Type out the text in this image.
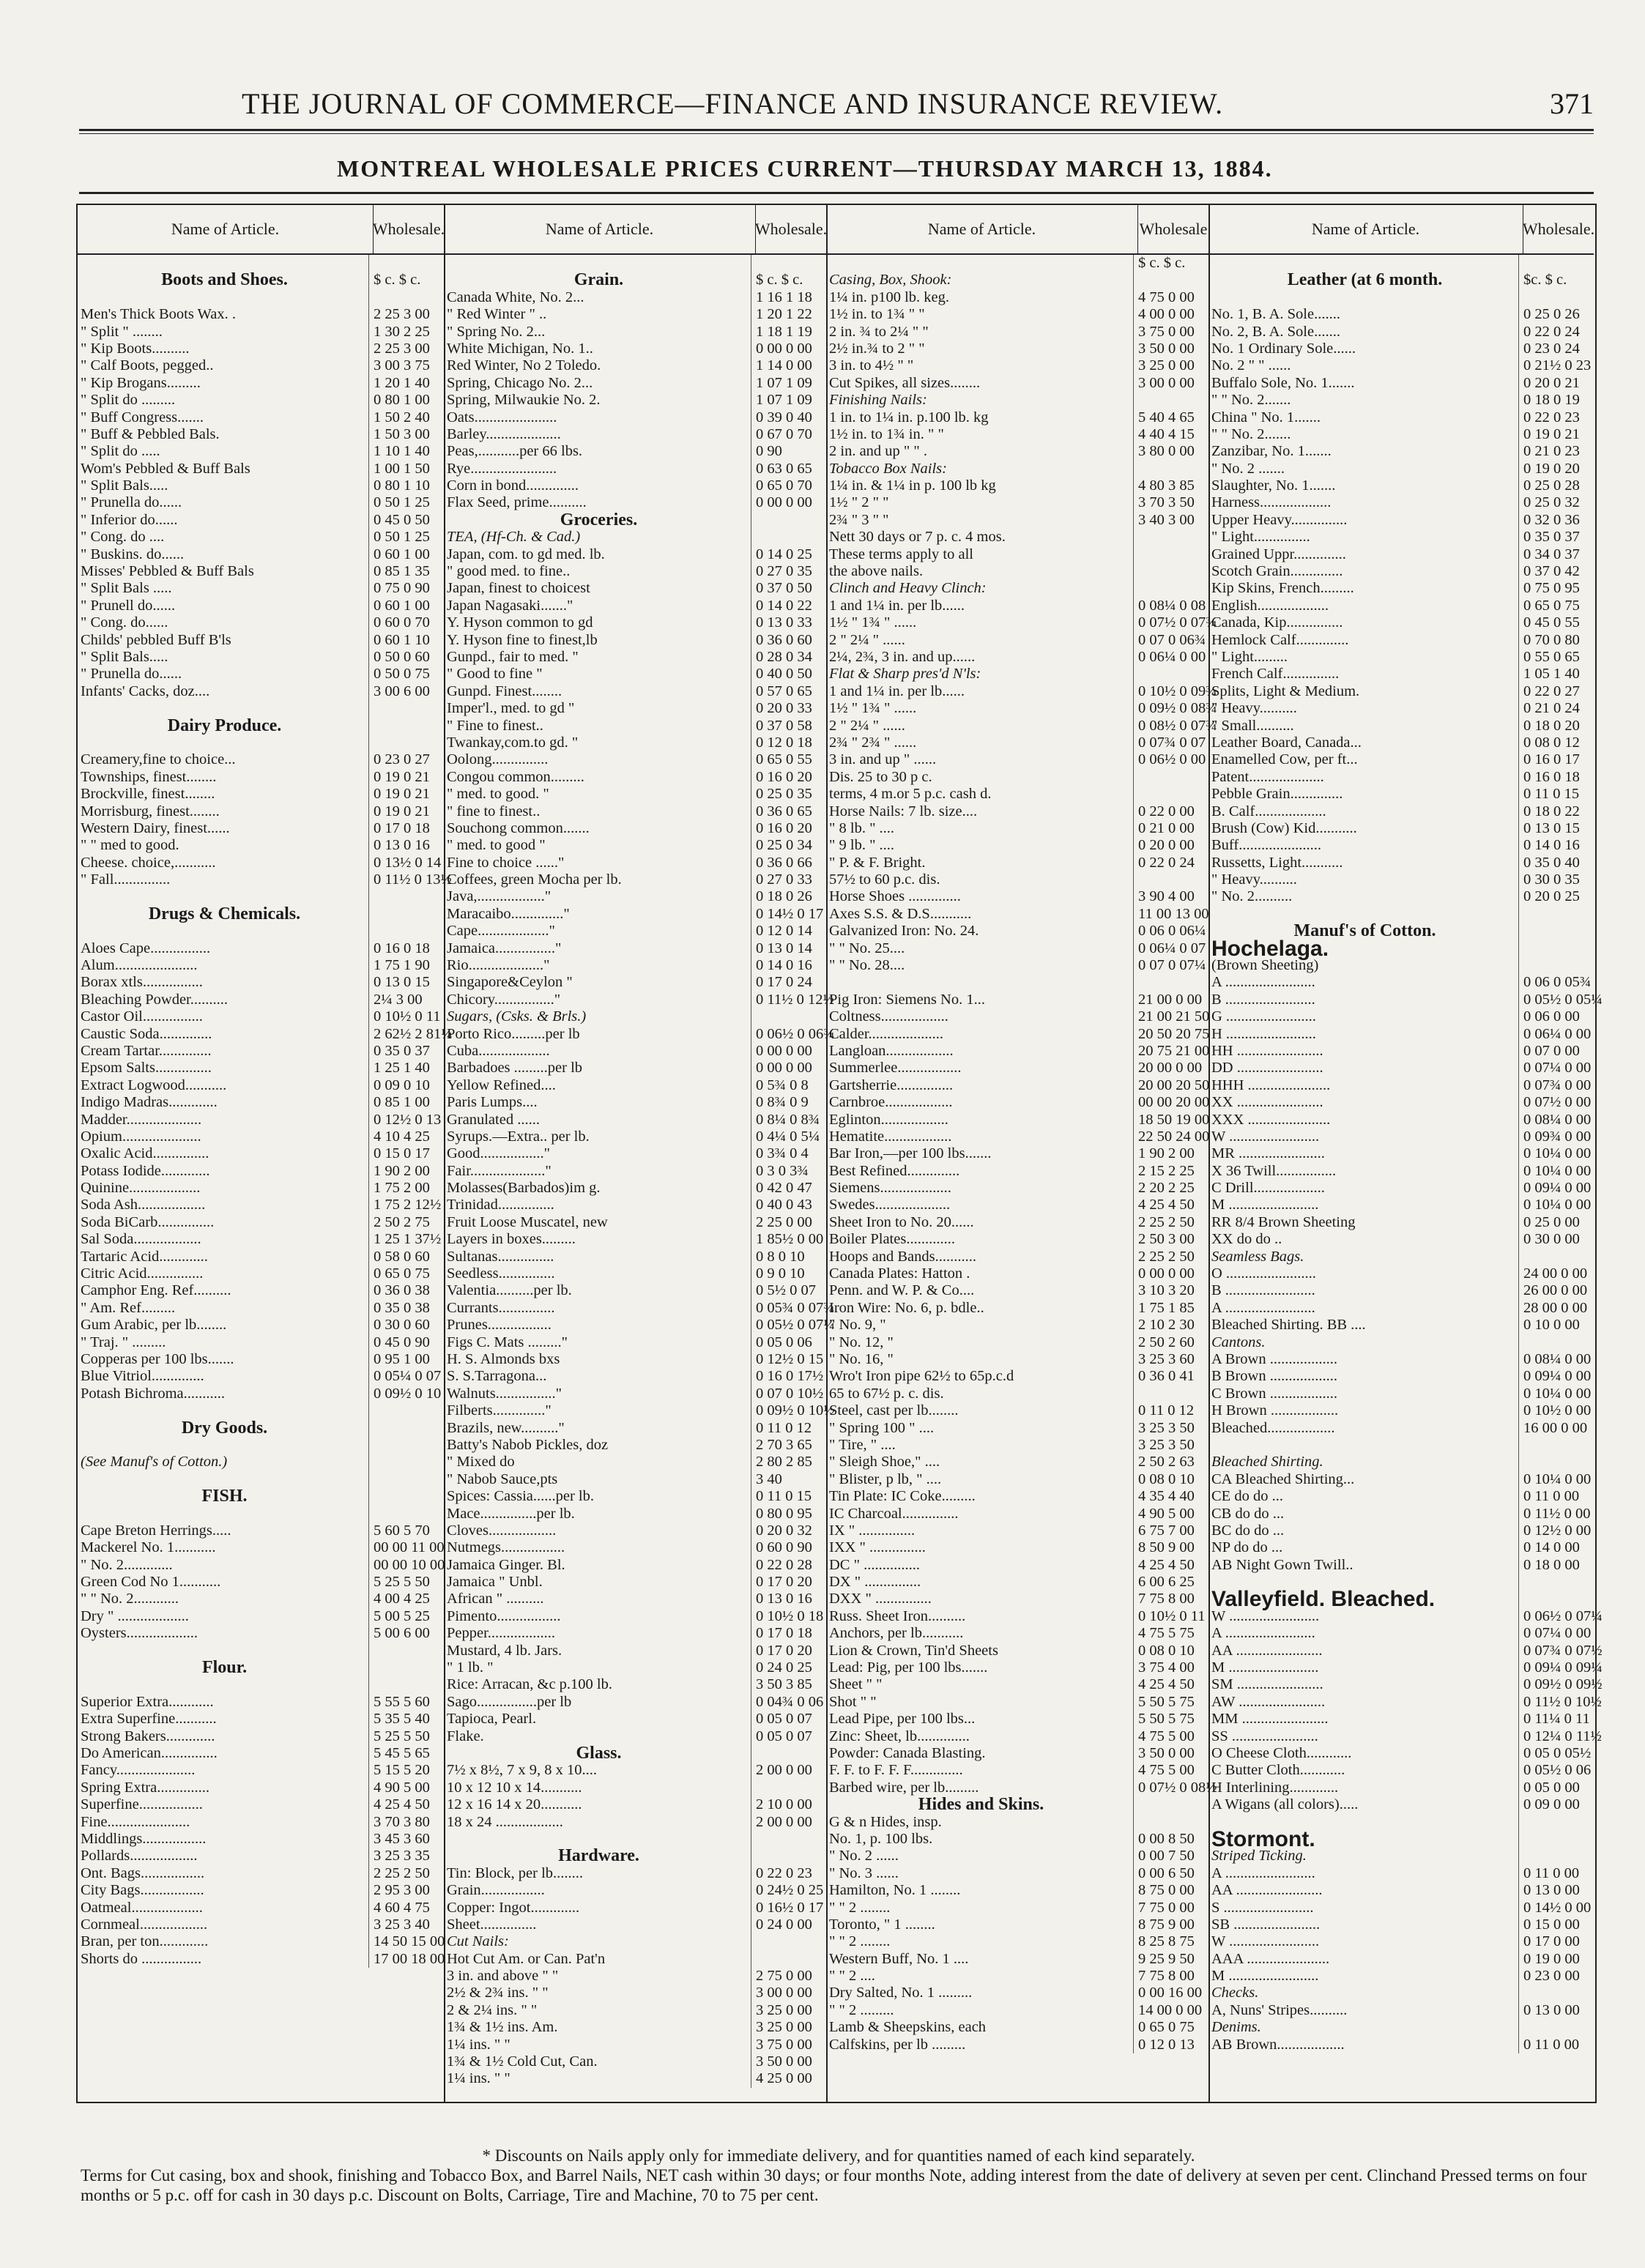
THE JOURNAL OF COMMERCE—FINANCE AND INSURANCE REVIEW.	371
MONTREAL WHOLESALE PRICES CURRENT—THURSDAY MARCH 13, 1884.
Name of Article.	Wholesale.
Boots and Shoes.	$ c. $ c.
Men's Thick Boots Wax. .	2 25 3 00
" Split " ........	1 30 2 25
" Kip Boots..........	2 25 3 00
" Calf Boots, pegged..	3 00 3 75
" Kip Brogans.........	1 20 1 40
" Split do .........	0 80 1 00
" Buff Congress.......	1 50 2 40
" Buff & Pebbled Bals.	1 50 3 00
" Split do .....	1 10 1 40
Wom's Pebbled & Buff Bals	1 00 1 50
" Split Bals.....	0 80 1 10
" Prunella do......	0 50 1 25
" Inferior do......	0 45 0 50
" Cong. do ....	0 50 1 25
" Buskins. do......	0 60 1 00
Misses' Pebbled & Buff Bals	0 85 1 35
" Split Bals .....	0 75 0 90
" Prunell do......	0 60 1 00
" Cong. do......	0 60 0 70
Childs' pebbled Buff B'ls	0 60 1 10
" Split Bals.....	0 50 0 60
" Prunella do......	0 50 0 75
Infants' Cacks, doz....	3 00 6 00
Dairy Produce.
Creamery,fine to choice...	0 23 0 27
Townships, finest........	0 19 0 21
Brockville, finest........	0 19 0 21
Morrisburg, finest........	0 19 0 21
Western Dairy, finest......	0 17 0 18
" " med to good.	0 13 0 16
Cheese. choice,...........	0 13½ 0 14
" Fall...............	0 11½ 0 13½
Drugs & Chemicals.
Aloes Cape................	0 16 0 18
Alum......................	1 75 1 90
Borax xtls................	0 13 0 15
Bleaching Powder..........	2¼ 3 00
Castor Oil................	0 10½ 0 11
Caustic Soda..............	2 62½ 2 81¼
Cream Tartar..............	0 35 0 37
Epsom Salts...............	1 25 1 40
Extract Logwood...........	0 09 0 10
Indigo Madras.............	0 85 1 00
Madder....................	0 12½ 0 13
Opium.....................	4 10 4 25
Oxalic Acid...............	0 15 0 17
Potass Iodide.............	1 90 2 00
Quinine...................	1 75 2 00
Soda Ash..................	1 75 2 12½
Soda BiCarb...............	2 50 2 75
Sal Soda..................	1 25 1 37½
Tartaric Acid.............	0 58 0 60
Citric Acid...............	0 65 0 75
Camphor Eng. Ref..........	0 36 0 38
" Am. Ref.........	0 35 0 38
Gum Arabic, per lb........	0 30 0 60
" Traj. " .........	0 45 0 90
Copperas per 100 lbs.......	0 95 1 00
Blue Vitriol..............	0 05¼ 0 07
Potash Bichroma...........	0 09½ 0 10
Dry Goods.
(See Manuf's of Cotton.)
FISH.
Cape Breton Herrings.....	5 60 5 70
Mackerel No. 1...........	00 00 11 00
" No. 2.............	00 00 10 00
Green Cod No 1...........	5 25 5 50
" " No. 2............	4 00 4 25
Dry " ...................	5 00 5 25
Oysters...................	5 00 6 00
Flour.
Superior Extra............	5 55 5 60
Extra Superfine...........	5 35 5 40
Strong Bakers.............	5 25 5 50
Do American...............	5 45 5 65
Fancy.....................	5 15 5 20
Spring Extra..............	4 90 5 00
Superfine.................	4 25 4 50
Fine......................	3 70 3 80
Middlings.................	3 45 3 60
Pollards..................	3 25 3 35
Ont. Bags.................	2 25 2 50
City Bags.................	2 95 3 00
Oatmeal...................	4 60 4 75
Cornmeal..................	3 25 3 40
Bran, per ton.............	14 50 15 00
Shorts do ................	17 00 18 00
Name of Article.	Wholesale.
Grain.	$ c. $ c.
Canada White, No. 2...	1 16 1 18
" Red Winter " ..	1 20 1 22
" Spring No. 2...	1 18 1 19
White Michigan, No. 1..	0 00 0 00
Red Winter, No 2 Toledo.	1 14 0 00
Spring, Chicago No. 2...	1 07 1 09
Spring, Milwaukie No. 2.	1 07 1 09
Oats......................	0 39 0 40
Barley....................	0 67 0 70
Peas,...........per 66 lbs.	0 90
Rye.......................	0 63 0 65
Corn in bond..............	0 65 0 70
Flax Seed, prime..........	0 00 0 00
Groceries.
TEA, (Hf-Ch. & Cad.)
Japan, com. to gd med. lb.	0 14 0 25
" good med. to fine..	0 27 0 35
Japan, finest to choicest	0 37 0 50
Japan Nagasaki......."	0 14 0 22
Y. Hyson common to gd	0 13 0 33
Y. Hyson fine to finest,lb	0 36 0 60
Gunpd., fair to med. "	0 28 0 34
" Good to fine "	0 40 0 50
Gunpd. Finest........	0 57 0 65
Imper'l., med. to gd "	0 20 0 33
" Fine to finest..	0 37 0 58
Twankay,com.to gd. "	0 12 0 18
Oolong...............	0 65 0 55
Congou common.........	0 16 0 20
" med. to good. "	0 25 0 35
" fine to finest..	0 36 0 65
Souchong common.......	0 16 0 20
" med. to good "	0 25 0 34
Fine to choice ......"	0 36 0 66
Coffees, green Mocha per lb.	0 27 0 33
Java,.................."	0 18 0 26
Maracaibo.............."	0 14½ 0 17
Cape..................."	0 12 0 14
Jamaica................"	0 13 0 14
Rio...................."	0 14 0 16
Singapore&Ceylon "	0 17 0 24
Chicory................"	0 11½ 0 12½
Sugars, (Csks. & Brls.)
Porto Rico.........per lb	0 06½ 0 06¾
Cuba...................	0 00 0 00
Barbadoes .........per lb	0 00 0 00
Yellow Refined....	0 5¾ 0 8
Paris Lumps....	0 8¾ 0 9
Granulated ......	0 8¼ 0 8¾
Syrups.—Extra.. per lb.	0 4¼ 0 5¼
Good................."	0 3¾ 0 4
Fair...................."	0 3 0 3¾
Molasses(Barbados)im g.	0 42 0 47
Trinidad...............	0 40 0 43
Fruit Loose Muscatel, new	2 25 0 00
Layers in boxes.........	1 85½ 0 00
Sultanas...............	0 8 0 10
Seedless...............	0 9 0 10
Valentia..........per lb.	0 5½ 0 07
Currants...............	0 05¾ 0 07¾
Prunes.................	0 05½ 0 07¼
Figs C. Mats ........."	0 05 0 06
H. S. Almonds bxs	0 12½ 0 15
S. S.Tarragona...	0 16 0 17½
Walnuts................"	0 07 0 10½
Filberts.............."	0 09½ 0 10½
Brazils, new.........."	0 11 0 12
Batty's Nabob Pickles, doz	2 70 3 65
" Mixed do	2 80 2 85
" Nabob Sauce,pts	3 40
Spices: Cassia......per lb.	0 11 0 15
Mace...............per lb.	0 80 0 95
Cloves..................	0 20 0 32
Nutmegs.................	0 60 0 90
Jamaica Ginger. Bl.	0 22 0 28
Jamaica " Unbl.	0 17 0 20
African " ..........	0 13 0 16
Pimento.................	0 10½ 0 18
Pepper..................	0 17 0 18
Mustard, 4 lb. Jars.	0 17 0 20
" 1 lb. "	0 24 0 25
Rice: Arracan, &c p.100 lb.	3 50 3 85
Sago................per lb	0 04¾ 0 06
Tapioca, Pearl.	0 05 0 07
Flake.	0 05 0 07
Glass.
7½ x 8½, 7 x 9, 8 x 10....	2 00 0 00
10 x 12 10 x 14...........
12 x 16 14 x 20...........	2 10 0 00
18 x 24 ..................	2 00 0 00
Hardware.
Tin: Block, per lb........	0 22 0 23
Grain.................	0 24½ 0 25
Copper: Ingot.............	0 16½ 0 17
Sheet...............	0 24 0 00
Cut Nails:
Hot Cut Am. or Can. Pat'n
3 in. and above " "	2 75 0 00
2½ & 2¾ ins. " "	3 00 0 00
2 & 2¼ ins. " "	3 25 0 00
1¾ & 1½ ins. Am.	3 25 0 00
1¼ ins. " "	3 75 0 00
1¾ & 1½ Cold Cut, Can.	3 50 0 00
1¼ ins. " "	4 25 0 00
Name of Article.	Wholesale
$ c. $ c.
Casing, Box, Shook:
1¼ in. p100 lb. keg.	4 75 0 00
1½ in. to 1¾ " "	4 00 0 00
2 in. ¾ to 2¼ " "	3 75 0 00
2½ in.¾ to 2 " "	3 50 0 00
3 in. to 4½ " "	3 25 0 00
Cut Spikes, all sizes........	3 00 0 00
Finishing Nails:
1 in. to 1¼ in. p.100 lb. kg	5 40 4 65
1½ in. to 1¾ in. " "	4 40 4 15
2 in. and up " " .	3 80 0 00
Tobacco Box Nails:
1¼ in. & 1¼ in p. 100 lb kg	4 80 3 85
1½ " 2 " "	3 70 3 50
2¾ " 3 " "	3 40 3 00
Nett 30 days or 7 p. c. 4 mos.
These terms apply to all
the above nails.
Clinch and Heavy Clinch:
1 and 1¼ in. per lb......	0 08¼ 0 08
1½ " 1¾ " ......	0 07½ 0 07¾
2 " 2¼ " ......	0 07 0 06¾
2¼, 2¾, 3 in. and up......	0 06¼ 0 00
Flat & Sharp pres'd N'ls:
1 and 1¼ in. per lb......	0 10½ 0 09¾
1½ " 1¾ " ......	0 09½ 0 08¾
2 " 2¼ " ......	0 08½ 0 07¾
2¾ " 2¾ " ......	0 07¾ 0 07
3 in. and up " ......	0 06½ 0 00
Dis. 25 to 30 p c.
terms, 4 m.or 5 p.c. cash d.
Horse Nails: 7 lb. size....	0 22 0 00
" 8 lb. " ....	0 21 0 00
" 9 lb. " ....	0 20 0 00
" P. & F. Bright.	0 22 0 24
57½ to 60 p.c. dis.
Horse Shoes ..............	3 90 4 00
Axes S.S. & D.S...........	11 00 13 00
Galvanized Iron: No. 24.	0 06 0 06¼
" " No. 25....	0 06¼ 0 07
" " No. 28....	0 07 0 07¼
Pig Iron: Siemens No. 1...	21 00 0 00
Coltness..................	21 00 21 50
Calder....................	20 50 20 75
Langloan..................	20 75 21 00
Summerlee.................	20 00 0 00
Gartsherrie...............	20 00 20 50
Carnbroe..................	00 00 20 00
Eglinton..................	18 50 19 00
Hematite..................	22 50 24 00
Bar Iron,—per 100 lbs.......	1 90 2 00
Best Refined..............	2 15 2 25
Siemens...................	2 20 2 25
Swedes....................	4 25 4 50
Sheet Iron to No. 20......	2 25 2 50
Boiler Plates.............	2 50 3 00
Hoops and Bands...........	2 25 2 50
Canada Plates: Hatton .	0 00 0 00
Penn. and W. P. & Co....	3 10 3 20
Iron Wire: No. 6, p. bdle..	1 75 1 85
" No. 9, "	2 10 2 30
" No. 12, "	2 50 2 60
" No. 16, "	3 25 3 60
Wro't Iron pipe 62½ to 65p.c.d	0 36 0 41
65 to 67½ p. c. dis.
Steel, cast per lb........	0 11 0 12
" Spring 100 " ....	3 25 3 50
" Tire, " ....	3 25 3 50
" Sleigh Shoe," ....	2 50 2 63
" Blister, p lb, " ....	0 08 0 10
Tin Plate: IC Coke.........	4 35 4 40
IC Charcoal...............	4 90 5 00
IX " ...............	6 75 7 00
IXX " ...............	8 50 9 00
DC " ...............	4 25 4 50
DX " ...............	6 00 6 25
DXX " ...............	7 75 8 00
Russ. Sheet Iron..........	0 10½ 0 11
Anchors, per lb...........	4 75 5 75
Lion & Crown, Tin'd Sheets	0 08 0 10
Lead: Pig, per 100 lbs.......	3 75 4 00
Sheet " "	4 25 4 50
Shot " "	5 50 5 75
Lead Pipe, per 100 lbs...	5 50 5 75
Zinc: Sheet, lb..............	4 75 5 00
Powder: Canada Blasting.	3 50 0 00
F. F. to F. F. F..............	4 75 5 00
Barbed wire, per lb.........	0 07½ 0 08½
Hides and Skins.
G & n Hides, insp.
No. 1, p. 100 lbs.	0 00 8 50
" No. 2 ......	0 00 7 50
" No. 3 ......	0 00 6 50
Hamilton, No. 1 ........	8 75 0 00
" " 2 ........	7 75 0 00
Toronto, " 1 ........	8 75 9 00
" " 2 ........	8 25 8 75
Western Buff, No. 1 ....	9 25 9 50
" " 2 ....	7 75 8 00
Dry Salted, No. 1 .........	0 00 16 00
" " 2 .........	14 00 0 00
Lamb & Sheepskins, each	0 65 0 75
Calfskins, per lb .........	0 12 0 13
Name of Article.	Wholesale.
Leather (at 6 month.	$c. $ c.
No. 1, B. A. Sole.......	0 25 0 26
No. 2, B. A. Sole.......	0 22 0 24
No. 1 Ordinary Sole......	0 23 0 24
No. 2 " " ......	0 21½ 0 23
Buffalo Sole, No. 1.......	0 20 0 21
" " No. 2.......	0 18 0 19
China " No. 1.......	0 22 0 23
" " No. 2.......	0 19 0 21
Zanzibar, No. 1.......	0 21 0 23
" No. 2 .......	0 19 0 20
Slaughter, No. 1.......	0 25 0 28
Harness...................	0 25 0 32
Upper Heavy...............	0 32 0 36
" Light...............	0 35 0 37
Grained Uppr..............	0 34 0 37
Scotch Grain..............	0 37 0 42
Kip Skins, French.........	0 75 0 95
English...................	0 65 0 75
Canada, Kip...............	0 45 0 55
Hemlock Calf..............	0 70 0 80
" Light.........	0 55 0 65
French Calf...............	1 05 1 40
Splits, Light & Medium.	0 22 0 27
" Heavy..........	0 21 0 24
" Small..........	0 18 0 20
Leather Board, Canada...	0 08 0 12
Enamelled Cow, per ft...	0 16 0 17
Patent....................	0 16 0 18
Pebble Grain..............	0 11 0 15
B. Calf...................	0 18 0 22
Brush (Cow) Kid...........	0 13 0 15
Buff......................	0 14 0 16
Russetts, Light...........	0 35 0 40
" Heavy..........	0 30 0 35
" No. 2..........	0 20 0 25
Manuf's of Cotton.
Hochelaga.
(Brown Sheeting)
A ........................	0 06 0 05¾
B ........................	0 05½ 0 05¼
G ........................	0 06 0 00
H ........................	0 06¼ 0 00
HH .......................	0 07 0 00
DD .......................	0 07¼ 0 00
HHH ......................	0 07¾ 0 00
XX .......................	0 07½ 0 00
XXX ......................	0 08¼ 0 00
W ........................	0 09¾ 0 00
MR .......................	0 10¼ 0 00
X 36 Twill................	0 10¼ 0 00
C Drill...................	0 09¼ 0 00
M ........................	0 10¼ 0 00
RR 8/4 Brown Sheeting	0 25 0 00
XX do do ..	0 30 0 00
Seamless Bags.
O ........................	24 00 0 00
B ........................	26 00 0 00
A ........................	28 00 0 00
Bleached Shirting. BB ....	0 10 0 00
Cantons.
A Brown ..................	0 08¼ 0 00
B Brown ..................	0 09¼ 0 00
C Brown ..................	0 10¼ 0 00
H Brown ..................	0 10½ 0 00
Bleached..................	16 00 0 00
Bleached Shirting.
CA Bleached Shirting...	0 10¼ 0 00
CE do do ...	0 11 0 00
CB do do ...	0 11½ 0 00
BC do do ...	0 12½ 0 00
NP do do ...	0 14 0 00
AB Night Gown Twill..	0 18 0 00
Valleyfield. Bleached.
W ........................	0 06½ 0 07¼
A ........................	0 07¼ 0 00
AA .......................	0 07¾ 0 07½
M ........................	0 09¼ 0 09¼
SM .......................	0 09½ 0 09½
AW .......................	0 11½ 0 10½
MM .......................	0 11¼ 0 11
SS .......................	0 12¼ 0 11½
O Cheese Cloth............	0 05 0 05½
C Butter Cloth............	0 05½ 0 06
H Interlining.............	0 05 0 00
A Wigans (all colors).....	0 09 0 00
Stormont.
Striped Ticking.
A ........................	0 11 0 00
AA .......................	0 13 0 00
S ........................	0 14½ 0 00
SB .......................	0 15 0 00
W ........................	0 17 0 00
AAA ......................	0 19 0 00
M ........................	0 23 0 00
Checks.
A, Nuns' Stripes..........	0 13 0 00
Denims.
AB Brown..................	0 11 0 00
* Discounts on Nails apply only for immediate delivery, and for quantities named of each kind separately.
Terms for Cut casing, box and shook, finishing and Tobacco Box, and Barrel Nails, NET cash within 30 days; or four months Note, adding interest from the date of delivery at seven per cent. Clinchand Pressed terms on four months or 5 p.c. off for cash in 30 days p.c. Discount on Bolts, Carriage, Tire and Machine, 70 to 75 per cent.
